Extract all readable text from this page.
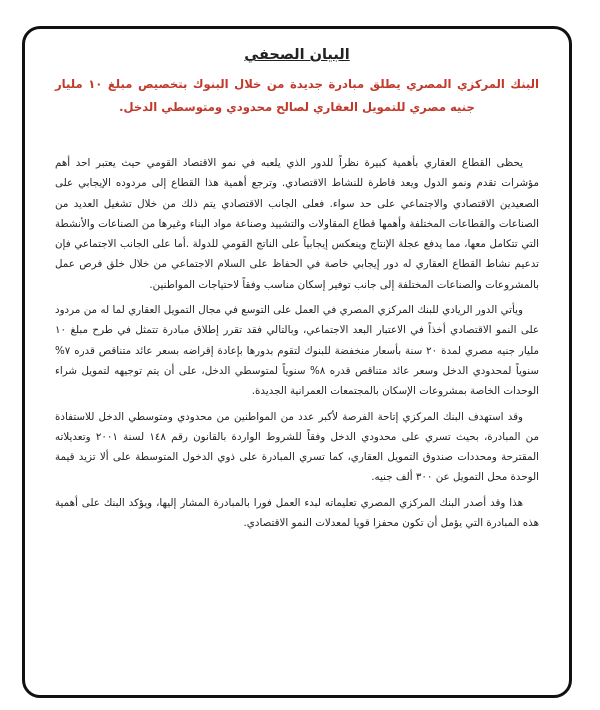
البيان الصحفي
البنك المركزي المصري يطلق مبادرة جديدة من خلال البنوك بتخصيص مبلغ ١٠ مليار جنيه مصري للتمويل العقاري لصالح محدودي ومتوسطي الدخل.

يحظى القطاع العقاري بأهمية كبيرة نظراً للدور الذي يلعبه في نمو الاقتصاد القومي حيث يعتبر احد أهم مؤشرات تقدم ونمو الدول ويعد قاطرة للنشاط الاقتصادي. وترجع أهمية هذا القطاع إلى مردوده الإيجابي على الصعيدين الاقتصادي والاجتماعي على حد سواء. فعلى الجانب الاقتصادي يتم ذلك من خلال تشغيل العديد من الصناعات والقطاعات المختلفة وأهمها قطاع المقاولات والتشييد وصناعة مواد البناء وغيرها من الصناعات والأنشطة التي تتكامل معها، مما يدفع عجلة الإنتاج وينعكس إيجابياً على الناتج القومي للدولة .أما على الجانب الاجتماعي فإن تدعيم نشاط القطاع العقاري له دور إيجابي خاصة في الحفاظ على السلام الاجتماعي من خلال خلق فرص عمل بالمشروعات والصناعات المختلفة إلى جانب توفير إسكان مناسب وفقاً لاحتياجات المواطنين.

ويأتي الدور الريادي للبنك المركزي المصري في العمل على التوسع في مجال التمويل العقاري لما له من مردود على النمو الاقتصادي أخذاً في الاعتبار البعد الاجتماعي، وبالتالي فقد تقرر إطلاق مبادرة تتمثل في طرح مبلغ ١٠ مليار جنيه مصري لمدة ٢٠ سنة بأسعار منخفضة للبنوك لتقوم بدورها بإعادة إقراضه بسعر عائد متناقص قدره ٧% سنوياً لمحدودي الدخل وسعر عائد متناقص قدره ٨% سنوياً لمتوسطي الدخل، على أن يتم توجيهه لتمويل شراء الوحدات الخاصة بمشروعات الإسكان بالمجتمعات العمرانية الجديدة.

وقد استهدف البنك المركزي إتاحة الفرصة لأكبر عدد من المواطنين من محدودي ومتوسطي الدخل للاستفادة من المبادرة، بحيث تسري على محدودي الدخل وفقاً للشروط الواردة بالقانون رقم ١٤٨ لسنة ٢٠٠١ وتعديلاته المقترحة ومحددات صندوق التمويل العقاري، كما تسري المبادرة على ذوي الدخول المتوسطة على ألا تزيد قيمة الوحدة محل التمويل عن ٣٠٠ ألف جنيه.

هذا وقد أصدر البنك المركزي المصري تعليماته لبدء العمل فورا بالمبادرة المشار إليها، ويؤكد البنك على أهمية هذه المبادرة التي يؤمل أن تكون محفزا قويا لمعدلات النمو الاقتصادي.
